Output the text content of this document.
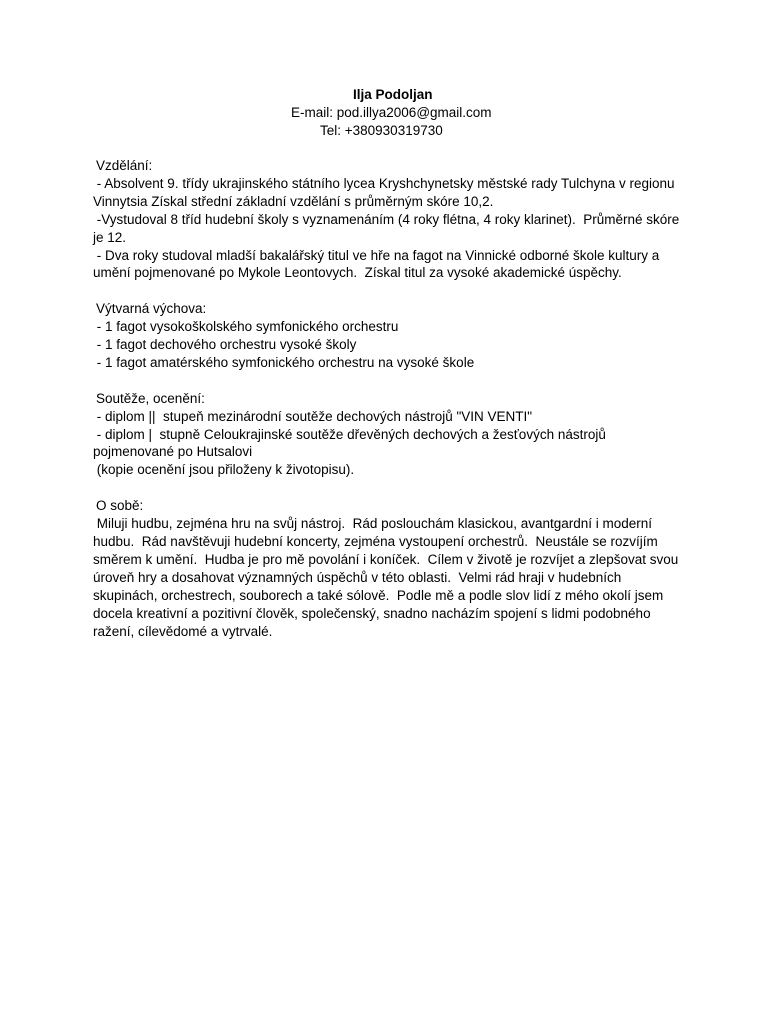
Ilja Podoljan
E-mail: pod.illya2006@gmail.com
Tel: +380930319730
Vzdělání:
- Absolvent 9. třídy ukrajinského státního lycea Kryshchynetsky městské rady Tulchyna v regionu Vinnytsia Získal střední základní vzdělání s průměrným skóre 10,2.
-Vystudoval 8 tříd hudební školy s vyznamenáním (4 roky flétna, 4 roky klarinet).  Průměrné skóre je 12.
- Dva roky studoval mladší bakalářský titul ve hře na fagot na Vinnické odborné škole kultury a umění pojmenované po Mykole Leontovych.  Získal titul za vysoké akademické úspěchy.
Výtvarná výchova:
- 1 fagot vysokoškolského symfonického orchestru
- 1 fagot dechového orchestru vysoké školy
- 1 fagot amatérského symfonického orchestru na vysoké škole
Soutěže, ocenění:
- diplom ||  stupeň mezinárodní soutěže dechových nástrojů "VIN VENTI"
- diplom |  stupně Celoukrajinské soutěže dřevěných dechových a žesťových nástrojů pojmenované po Hutsalovi
(kopie ocenění jsou přiloženy k životopisu).
O sobě:
Miluji hudbu, zejména hru na svůj nástroj.  Rád poslouchám klasickou, avantgardní i moderní hudbu.  Rád navštěvuji hudební koncerty, zejména vystoupení orchestrů.  Neustále se rozvíjím směrem k umění.  Hudba je pro mě povolání i koníček.  Cílem v životě je rozvíjet a zlepšovat svou úroveň hry a dosahovat významných úspěchů v této oblasti.  Velmi rád hraji v hudebních skupinách, orchestrech, souborech a také sólově.  Podle mě a podle slov lidí z mého okolí jsem docela kreativní a pozitivní člověk, společenský, snadno nacházím spojení s lidmi podobného ražení, cílevědomé a vytrvalé.
